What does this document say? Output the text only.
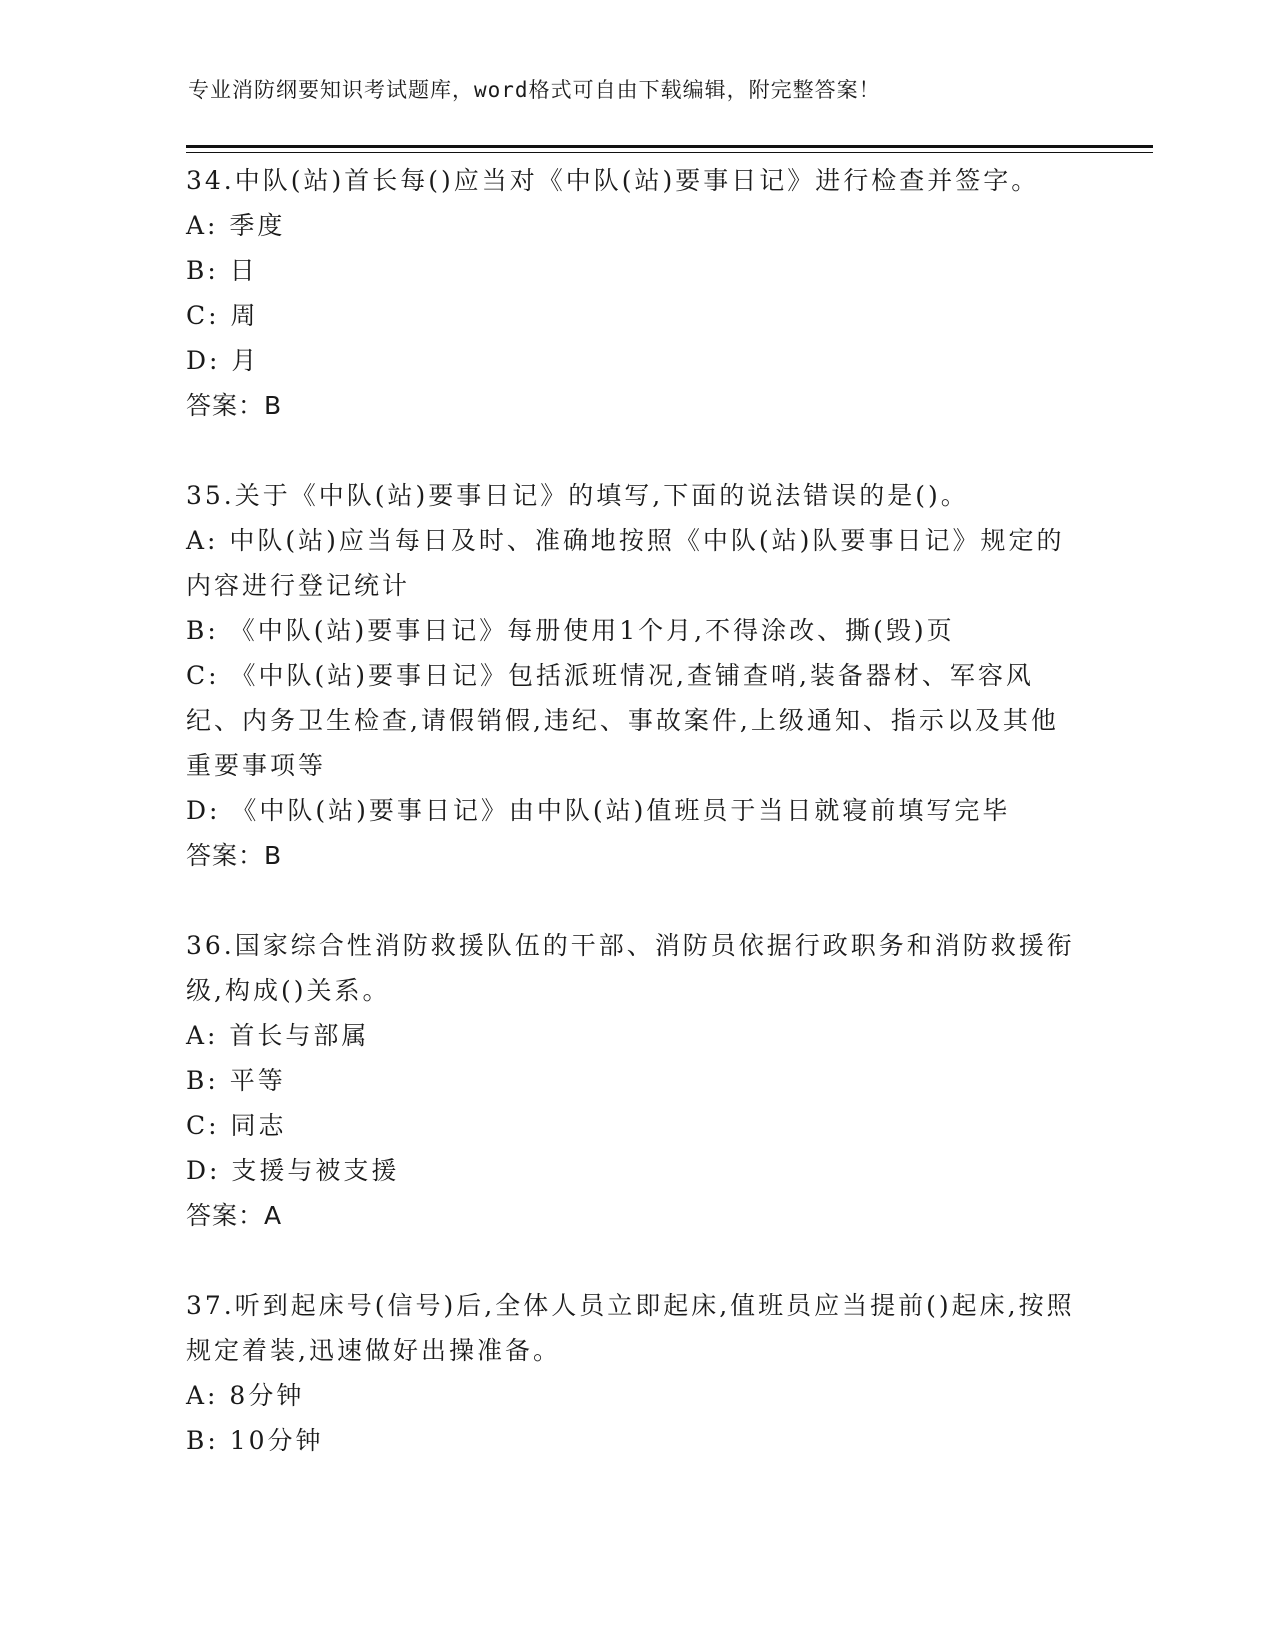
专业消防纲要知识考试题库，word格式可自由下载编辑，附完整答案！
34.中队(站)首长每()应当对《中队(站)要事日记》进行检查并签字。
A: 季度
B: 日
C: 周
D: 月
答案：B
35.关于《中队(站)要事日记》的填写,下面的说法错误的是()。
A: 中队(站)应当每日及时、准确地按照《中队(站)队要事日记》规定的内容进行登记统计
B: 《中队(站)要事日记》每册使用1个月,不得涂改、撕(毁)页
C: 《中队(站)要事日记》包括派班情况,查铺查哨,装备器材、军容风纪、内务卫生检查,请假销假,违纪、事故案件,上级通知、指示以及其他重要事项等
D: 《中队(站)要事日记》由中队(站)值班员于当日就寝前填写完毕
答案：B
36.国家综合性消防救援队伍的干部、消防员依据行政职务和消防救援衔级,构成()关系。
A: 首长与部属
B: 平等
C: 同志
D: 支援与被支援
答案：A
37.听到起床号(信号)后,全体人员立即起床,值班员应当提前()起床,按照规定着装,迅速做好出操准备。
A: 8分钟
B: 10分钟
